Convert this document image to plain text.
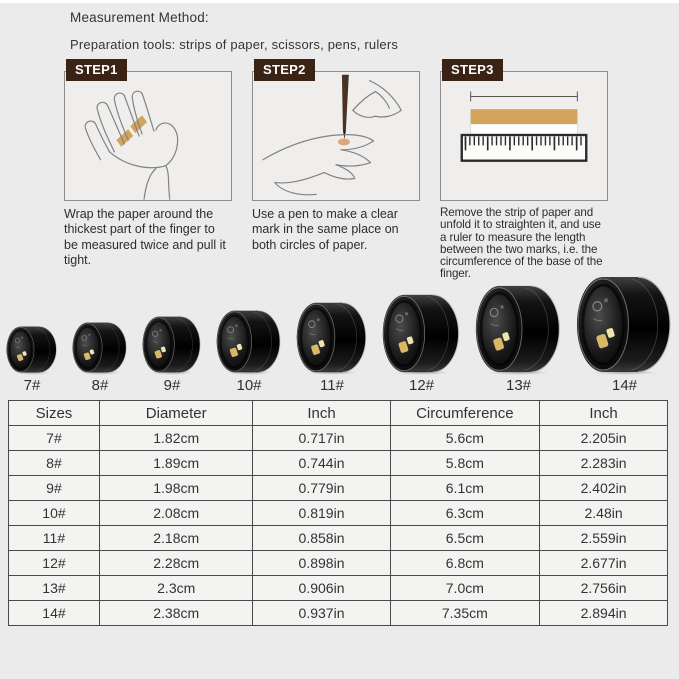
Measurement Method:
Preparation tools: strips of paper, scissors, pens, rulers
STEP1
Wrap the paper around the thickest part of the finger to be measured twice and pull it tight.
STEP2
Use a pen to make a clear mark in the same place on both circles of paper.
STEP3
Remove the strip of paper and unfold it to straighten it, and use a ruler to measure the length between the two marks, i.e. the circumference of the base of the finger.
7#	8#	9#	10#	11#	12#	13#	14#
Sizes	Diameter	Inch	Circumference	Inch
7#	1.82cm	0.717in	5.6cm	2.205in
8#	1.89cm	0.744in	5.8cm	2.283in
9#	1.98cm	0.779in	6.1cm	2.402in
10#	2.08cm	0.819in	6.3cm	2.48in
11#	2.18cm	0.858in	6.5cm	2.559in
12#	2.28cm	0.898in	6.8cm	2.677in
13#	2.3cm	0.906in	7.0cm	2.756in
14#	2.38cm	0.937in	7.35cm	2.894in
